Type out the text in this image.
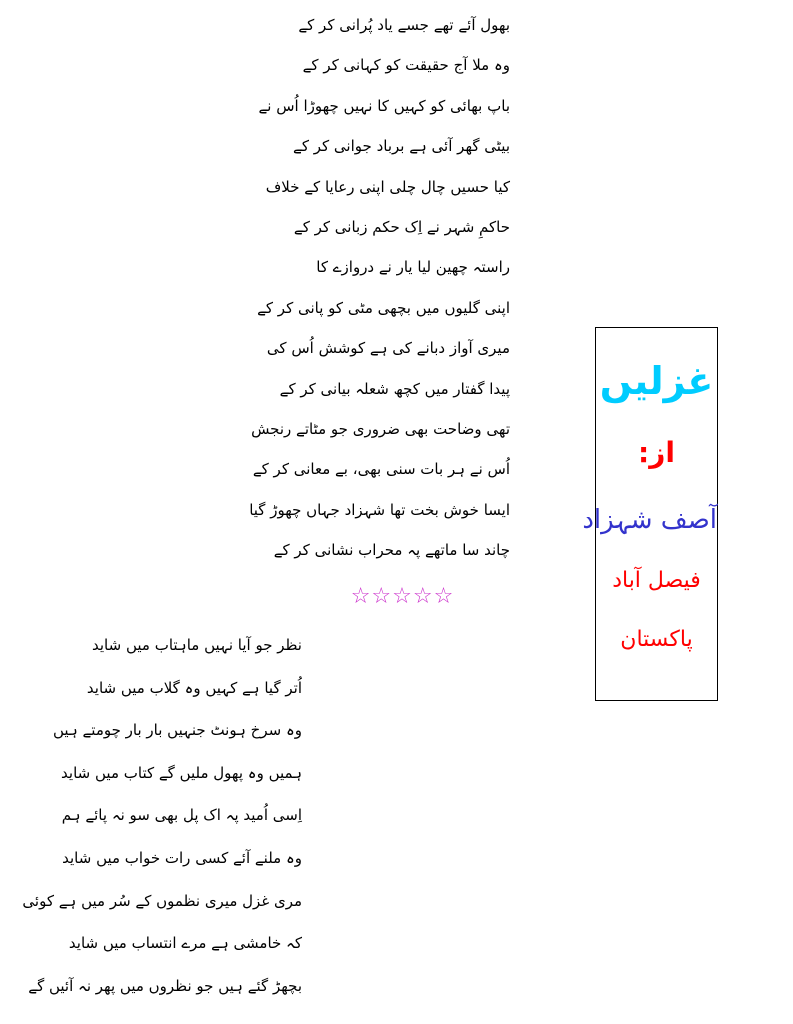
بھول آئے تھے جسے یاد پُرانی کر کے
وہ ملا آج حقیقت کو کہانی کر کے
باپ بھائی کو کہیں کا نہیں چھوڑا اُس نے
بیٹی گھر آئی ہے برباد جوانی کر کے
کیا حسیں چال چلی اپنی رعایا کے خلاف
حاکمِ شہر نے اِک حکم زبانی کر کے
راستہ چھین لیا یار نے دروازے کا
اپنی گلیوں میں بچھی مٹی کو پانی کر کے
میری آواز دبانے کی ہے کوشش اُس کی
پیدا گفتار میں کچھ شعلہ بیانی کر کے
تھی وضاحت بھی ضروری جو مٹاتے رنجش
اُس نے ہر بات سنی بھی، بے معانی کر کے
ایسا خوش بخت تھا شہزاد جہاں چھوڑ گیا
چاند سا ماتھے پہ محراب نشانی کر کے
☆☆☆☆☆
نظر جو آیا نہیں ماہتاب میں شاید
اُتر گیا ہے کہیں وہ گلاب میں شاید
وہ سرخ ہونٹ جنہیں بار بار چومتے ہیں
ہمیں وہ پھول ملیں گے کتاب میں شاید
اِسی اُمید پہ اک پل بھی سو نہ پائے ہم
وہ ملنے آئے کسی رات خواب میں شاید
مری غزل میری نظموں کے سُر میں ہے کوئی
کہ خامشی ہے مرے انتساب میں شاید
بچھڑ گئے ہیں جو نظروں میں پھر نہ آئیں گے
غزلیں
از:
آصف شہزاد
فیصل آباد
پاکستان
